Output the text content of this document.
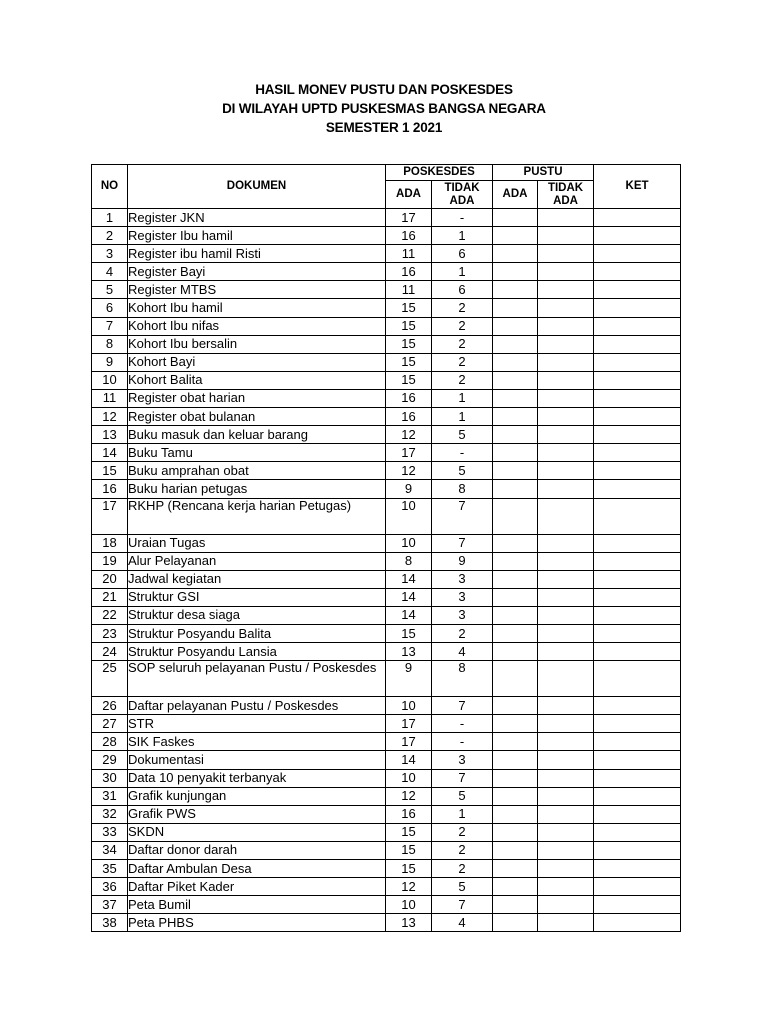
HASIL MONEV PUSTU DAN POSKESDES
DI WILAYAH UPTD PUSKESMAS BANGSA NEGARA
SEMESTER 1 2021
NO	DOKUMEN	POSKESDES		PUSTU		KET
		ADA	TIDAK ADA	ADA	TIDAK ADA	
1	Register JKN	17	-			
2	Register Ibu hamil	16	1			
3	Register ibu hamil Risti	11	6			
4	Register Bayi	16	1			
5	Register MTBS	11	6			
6	Kohort Ibu hamil	15	2			
7	Kohort Ibu nifas	15	2			
8	Kohort Ibu bersalin	15	2			
9	Kohort Bayi	15	2			
10	Kohort Balita	15	2			
11	Register obat harian	16	1			
12	Register obat bulanan	16	1			
13	Buku masuk dan keluar barang	12	5			
14	Buku Tamu	17	-			
15	Buku amprahan obat	12	5			
16	Buku harian petugas	9	8			
17	RKHP (Rencana kerja harian Petugas)	10	7			
18	Uraian Tugas	10	7			
19	Alur Pelayanan	8	9			
20	Jadwal kegiatan	14	3			
21	Struktur GSI	14	3			
22	Struktur desa siaga	14	3			
23	Struktur Posyandu Balita	15	2			
24	Struktur Posyandu Lansia	13	4			
25	SOP seluruh pelayanan Pustu / Poskesdes	9	8			
26	Daftar pelayanan Pustu / Poskesdes	10	7			
27	STR	17	-			
28	SIK Faskes	17	-			
29	Dokumentasi	14	3			
30	Data 10 penyakit terbanyak	10	7			
31	Grafik kunjungan	12	5			
32	Grafik PWS	16	1			
33	SKDN	15	2			
34	Daftar donor darah	15	2			
35	Daftar Ambulan Desa	15	2			
36	Daftar Piket Kader	12	5			
37	Peta Bumil	10	7			
38	Peta PHBS	13	4			
